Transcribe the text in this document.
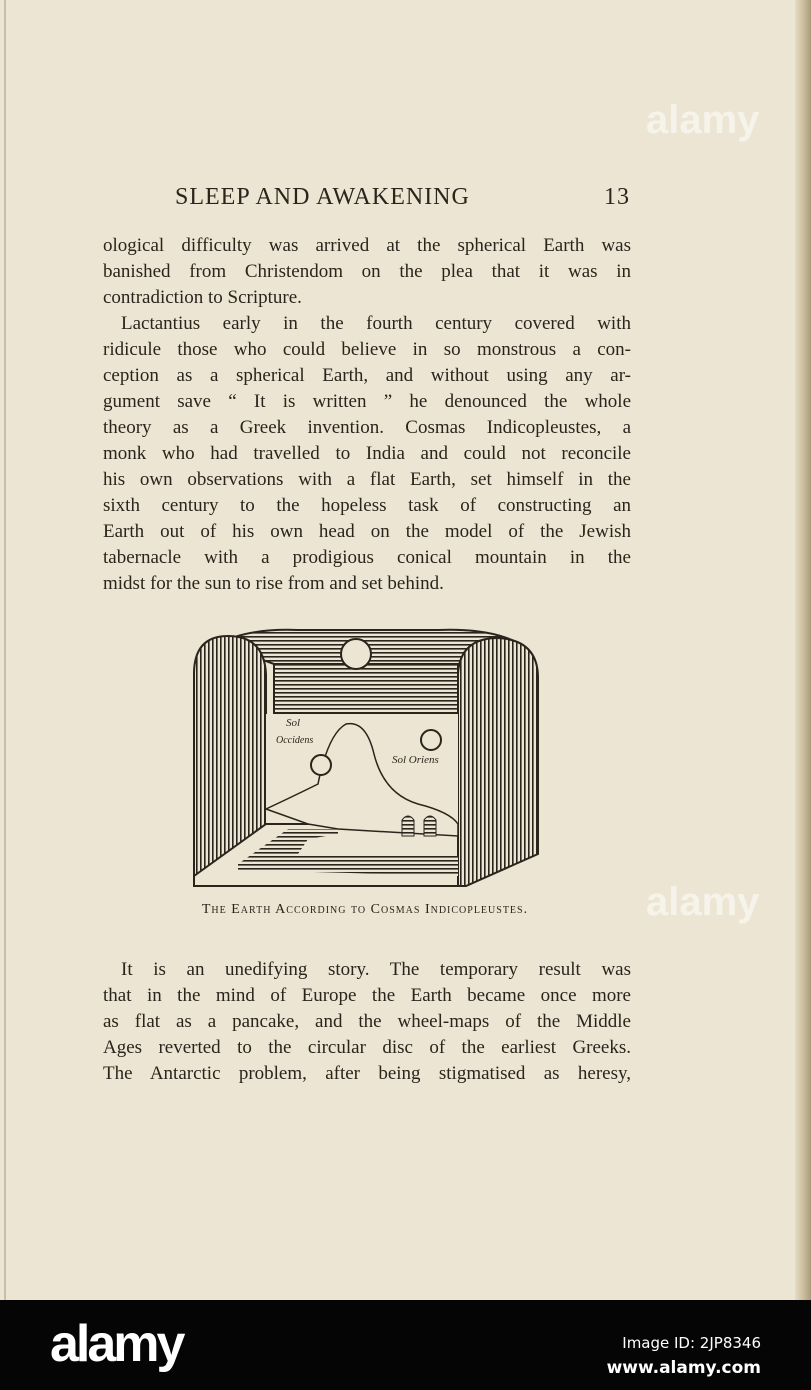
SLEEP AND AWAKENING	13
ological difficulty was arrived at the spherical Earth was
banished from Christendom on the plea that it was in
contradiction to Scripture.
Lactantius early in the fourth century covered with
ridicule those who could believe in so monstrous a con-
ception as a spherical Earth, and without using any ar-
gument save “ It is written ” he denounced the whole
theory as a Greek invention. Cosmas Indicopleustes, a
monk who had travelled to India and could not reconcile
his own observations with a flat Earth, set himself in the
sixth century to the hopeless task of constructing an
Earth out of his own head on the model of the Jewish
tabernacle with a prodigious conical mountain in the
midst for the sun to rise from and set behind.
Sol
Occidens
Sol Oriens
The Earth According to Cosmas Indicopleustes.
It is an unedifying story. The temporary result was
that in the mind of Europe the Earth became once more
as flat as a pancake, and the wheel-maps of the Middle
Ages reverted to the circular disc of the earliest Greeks.
The Antarctic problem, after being stigmatised as heresy,
alamy
alamy
alamy	Image ID: 2JP8346
www.alamy.com
